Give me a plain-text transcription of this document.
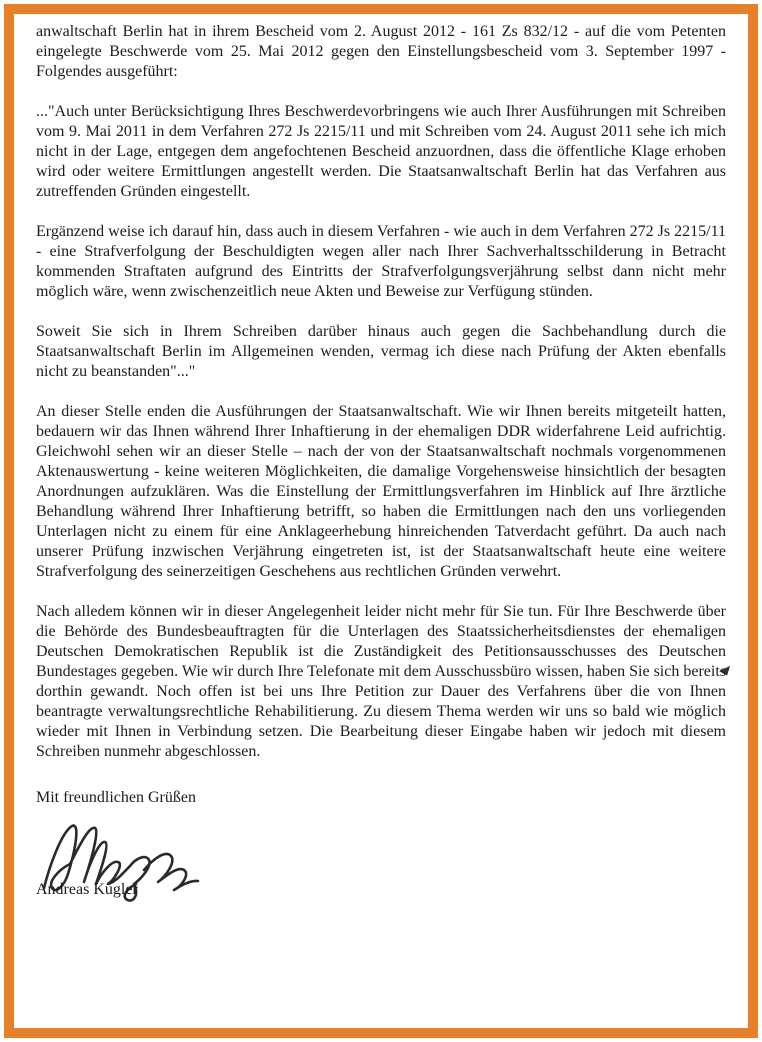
anwaltschaft Berlin hat in ihrem Bescheid vom 2. August 2012 - 161 Zs 832/12 - auf die vom Petenten eingelegte Beschwerde vom 25. Mai 2012 gegen den Einstellungsbescheid vom 3. September 1997 - Folgendes ausgeführt:

..."Auch unter Berücksichtigung Ihres Beschwerdevorbringens wie auch Ihrer Ausführungen mit Schreiben vom 9. Mai 2011 in dem Verfahren 272 Js 2215/11 und mit Schreiben vom 24. August 2011 sehe ich mich nicht in der Lage, entgegen dem angefochtenen Bescheid anzuordnen, dass die öffentliche Klage erhoben wird oder weitere Ermittlungen angestellt werden. Die Staatsanwaltschaft Berlin hat das Verfahren aus zutreffenden Gründen eingestellt.

Ergänzend weise ich darauf hin, dass auch in diesem Verfahren - wie auch in dem Verfahren 272 Js 2215/11 - eine Strafverfolgung der Beschuldigten wegen aller nach Ihrer Sachverhaltsschilderung in Betracht kommenden Straftaten aufgrund des Eintritts der Strafverfolgungsverjährung selbst dann nicht mehr möglich wäre, wenn zwischenzeitlich neue Akten und Beweise zur Verfügung stünden.

Soweit Sie sich in Ihrem Schreiben darüber hinaus auch gegen die Sachbehandlung durch die Staatsanwaltschaft Berlin im Allgemeinen wenden, vermag ich diese nach Prüfung der Akten ebenfalls nicht zu beanstanden"..."

An dieser Stelle enden die Ausführungen der Staatsanwaltschaft. Wie wir Ihnen bereits mitgeteilt hatten, bedauern wir das Ihnen während Ihrer Inhaftierung in der ehemaligen DDR widerfahrene Leid aufrichtig. Gleichwohl sehen wir an dieser Stelle – nach der von der Staatsanwaltschaft nochmals vorgenommenen Aktenauswertung - keine weiteren Möglichkeiten, die damalige Vorgehensweise hinsichtlich der besagten Anordnungen aufzuklären. Was die Einstellung der Ermittlungsverfahren im Hinblick auf Ihre ärztliche Behandlung während Ihrer Inhaftierung betrifft, so haben die Ermittlungen nach den uns vorliegenden Unterlagen nicht zu einem für eine Anklageerhebung hinreichenden Tatverdacht geführt. Da auch nach unserer Prüfung inzwischen Verjährung eingetreten ist, ist der Staatsanwaltschaft heute eine weitere Strafverfolgung des seinerzeitigen Geschehens aus rechtlichen Gründen verwehrt.

Nach alledem können wir in dieser Angelegenheit leider nicht mehr für Sie tun. Für Ihre Beschwerde über die Behörde des Bundesbeauftragten für die Unterlagen des Staatssicherheitsdienstes der ehemaligen Deutschen Demokratischen Republik ist die Zuständigkeit des Petitionsausschusses des Deutschen Bundestages gegeben. Wie wir durch Ihre Telefonate mit dem Ausschussbüro wissen, haben Sie sich bereits dorthin gewandt. Noch offen ist bei uns Ihre Petition zur Dauer des Verfahrens über die von Ihnen beantragte verwaltungsrechtliche Rehabilitierung. Zu diesem Thema werden wir uns so bald wie möglich wieder mit Ihnen in Verbindung setzen. Die Bearbeitung dieser Eingabe haben wir jedoch mit diesem Schreiben nunmehr abgeschlossen.

Mit freundlichen Grüßen

Andreas Kugler
